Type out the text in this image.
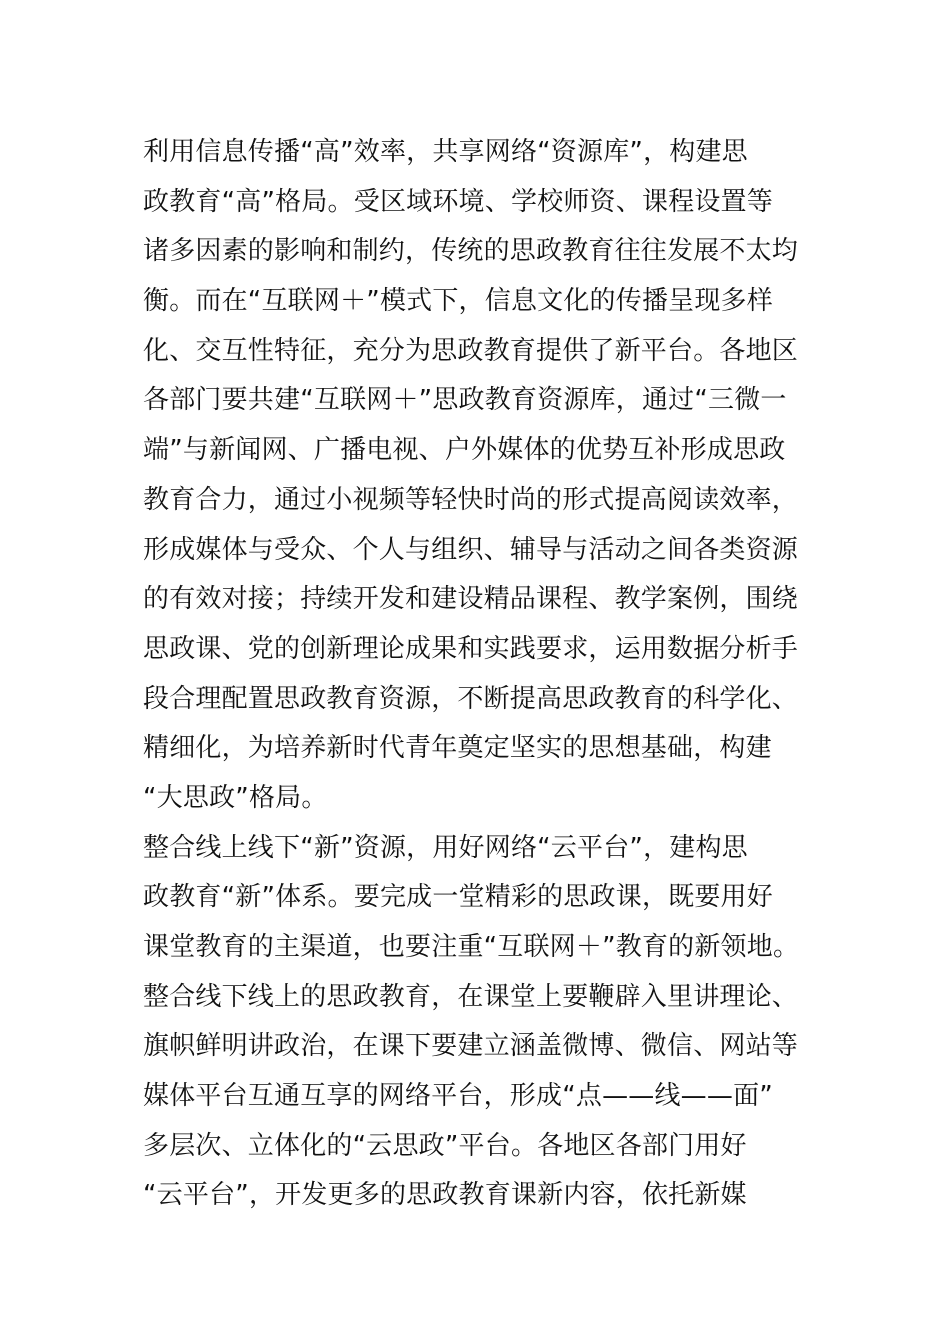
利用信息传播“高”效率，共享网络“资源库”，构建思
政教育“高”格局。受区域环境、学校师资、课程设置等
诸多因素的影响和制约，传统的思政教育往往发展不太均
衡。而在“互联网＋”模式下，信息文化的传播呈现多样
化、交互性特征，充分为思政教育提供了新平台。各地区
各部门要共建“互联网＋”思政教育资源库，通过“三微一
端”与新闻网、广播电视、户外媒体的优势互补形成思政
教育合力，通过小视频等轻快时尚的形式提高阅读效率，
形成媒体与受众、个人与组织、辅导与活动之间各类资源
的有效对接；持续开发和建设精品课程、教学案例，围绕
思政课、党的创新理论成果和实践要求，运用数据分析手
段合理配置思政教育资源，不断提高思政教育的科学化、
精细化，为培养新时代青年奠定坚实的思想基础，构建
“大思政”格局。
整合线上线下“新”资源，用好网络“云平台”，建构思
政教育“新”体系。要完成一堂精彩的思政课，既要用好
课堂教育的主渠道，也要注重“互联网＋”教育的新领地。
整合线下线上的思政教育，在课堂上要鞭辟入里讲理论、
旗帜鲜明讲政治，在课下要建立涵盖微博、微信、网站等
媒体平台互通互享的网络平台，形成“点——线——面”
多层次、立体化的“云思政”平台。各地区各部门用好
“云平台”，开发更多的思政教育课新内容，依托新媒
